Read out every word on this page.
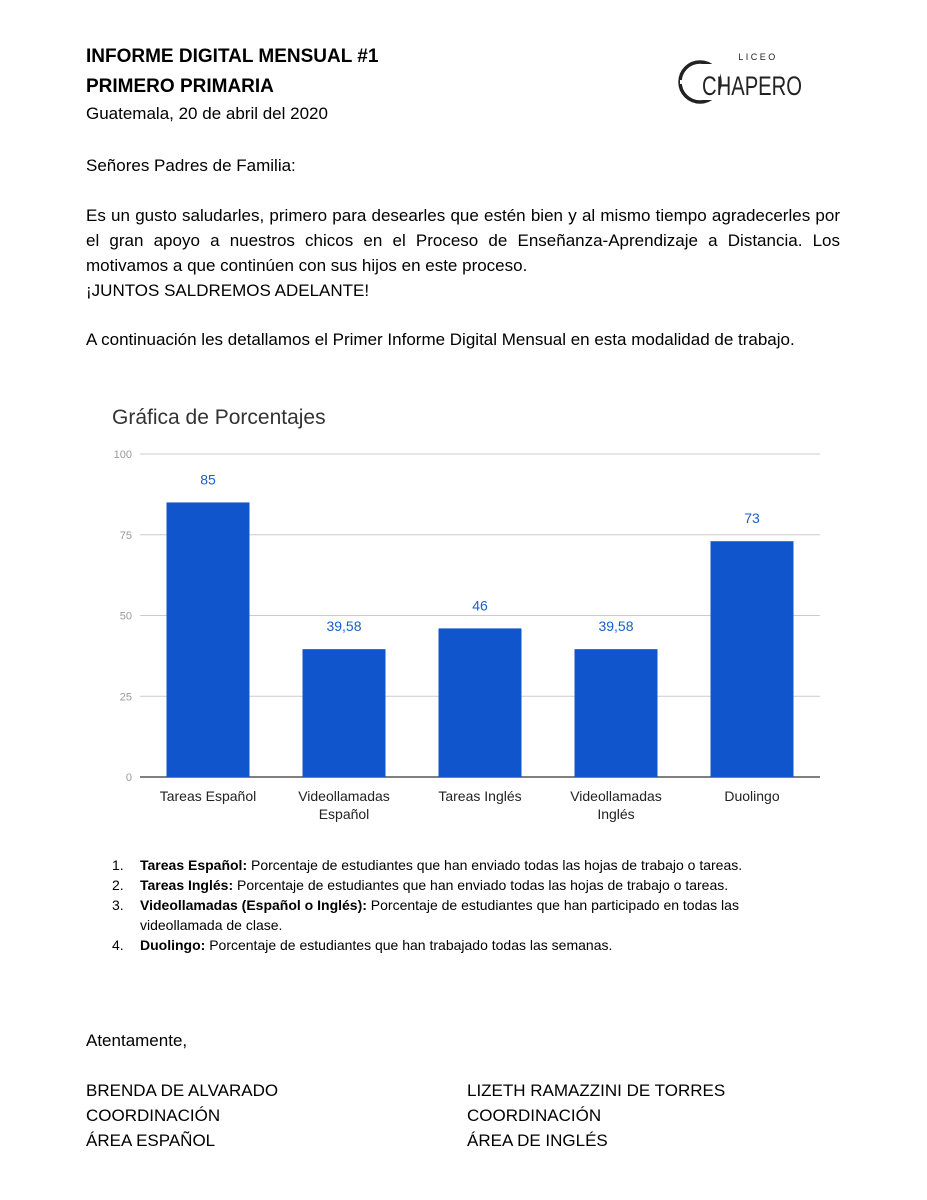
INFORME DIGITAL MENSUAL #1
PRIMERO PRIMARIA
Guatemala, 20 de abril del 2020
LICEO
CHAPERO
Señores Padres de Familia:
Es un gusto saludarles, primero para desearles que estén bien y al mismo tiempo agradecerles por el gran apoyo a nuestros chicos en el Proceso de Enseñanza-Aprendizaje a Distancia. Los motivamos a que continúen con sus hijos en este proceso.
¡JUNTOS SALDREMOS ADELANTE!
A continuación les detallamos el Primer Informe Digital Mensual en esta modalidad de trabajo.
Gráfica de Porcentajes
0
25
50
75
100
85
Tareas Español
39,58
Videollamadas Español
46
Tareas Inglés
39,58
Videollamadas Inglés
73
Duolingo
1. Tareas Español: Porcentaje de estudiantes que han enviado todas las hojas de trabajo o tareas.
2. Tareas Inglés: Porcentaje de estudiantes que han enviado todas las hojas de trabajo o tareas.
3. Videollamadas (Español o Inglés): Porcentaje de estudiantes que han participado en todas las videollamada de clase.
4. Duolingo: Porcentaje de estudiantes que han trabajado todas las semanas.
Atentamente,
BRENDA DE ALVARADO
COORDINACIÓN
ÁREA ESPAÑOL
LIZETH RAMAZZINI DE TORRES
COORDINACIÓN
ÁREA DE INGLÉS
